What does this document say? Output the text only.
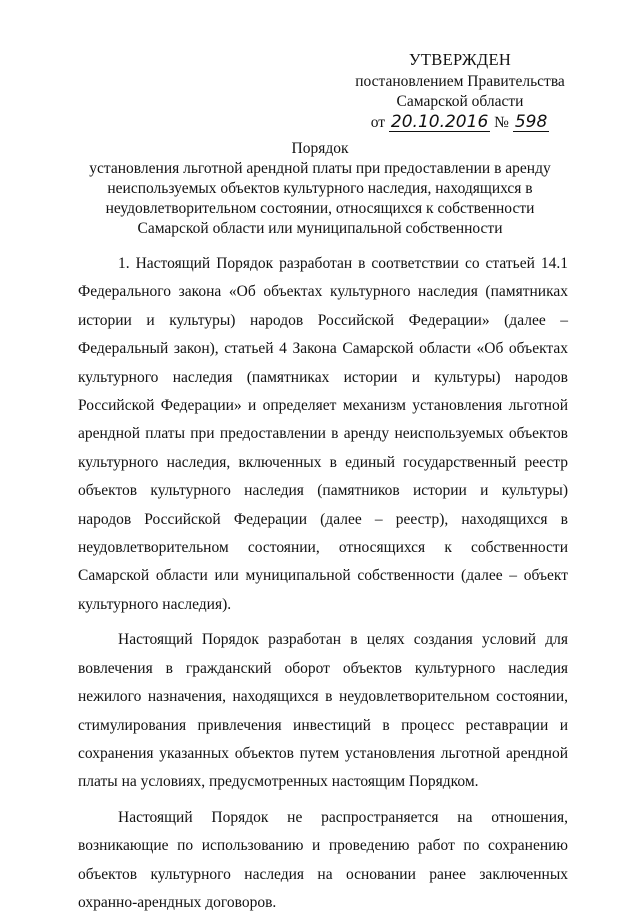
УТВЕРЖДЕН
постановлением Правительства
Самарской области
от 20.10.2016 № 598
Порядок
установления льготной арендной платы при предоставлении в аренду
неиспользуемых объектов культурного наследия, находящихся в
неудовлетворительном состоянии, относящихся к собственности
Самарской области или муниципальной собственности

1. Настоящий Порядок разработан в соответствии со статьей 14.1 Федерального закона «Об объектах культурного наследия (памятниках истории и культуры) народов Российской Федерации» (далее – Федеральный закон), статьей 4 Закона Самарской области «Об объектах культурного наследия (памятниках истории и культуры) народов Российской Федерации» и определяет механизм установления льготной арендной платы при предоставлении в аренду неиспользуемых объектов культурного наследия, включенных в единый государственный реестр объектов культурного наследия (памятников истории и культуры) народов Российской Федерации (далее – реестр), находящихся в неудовлетворительном состоянии, относящихся к собственности Самарской области или муниципальной собственности (далее – объект культурного наследия).

Настоящий Порядок разработан в целях создания условий для вовлечения в гражданский оборот объектов культурного наследия нежилого назначения, находящихся в неудовлетворительном состоянии, стимулирования привлечения инвестиций в процесс реставрации и сохранения указанных объектов путем установления льготной арендной платы на условиях, предусмотренных настоящим Порядком.

Настоящий Порядок не распространяется на отношения, возникающие по использованию и проведению работ по сохранению объектов культурного наследия на основании ранее заключенных охранно-арендных договоров.
